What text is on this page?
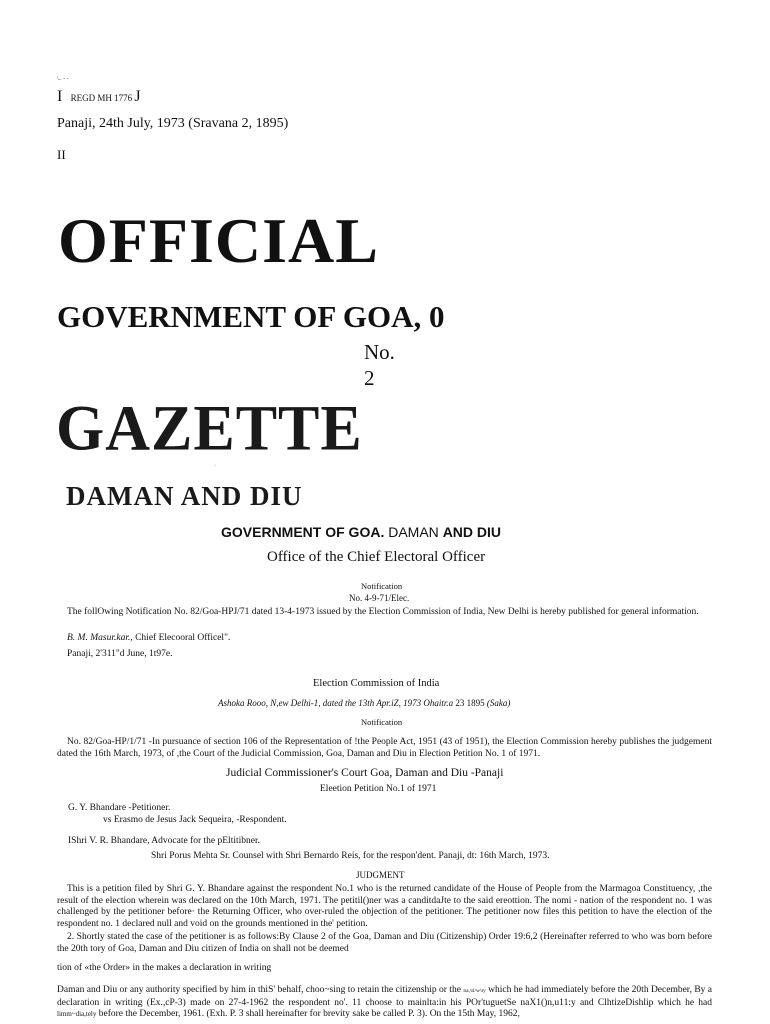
\.. - -
I REGD MH 1776 J
Panaji, 24th July, 1973 (Sravana 2, 1895)
II
OFFICIAL
GOVERNMENT OF GOA, 0
No.
2
GAZETTE
·
DAMAN AND DIU
GOVERNMENT OF GOA. DAMAN AND DIU
Office of the Chief Electoral Officer
Notification
No. 4-9-71/Elec.
The follOwing Notification No. 82/Goa-HPJ/71 dated 13-4-1973 issued by the Election Commission of India, New Delhi is hereby published for general information.
B. M. Masur.kar., Chief Elecooral Officel".
Panaji, 2'311"d June, 1t97e.
Election Commission of India
Ashoka Rooo, N,ew Delhi-1, dated the 13th Apr.iZ, 1973 Ohaitr.a 23 1895 (Saka)
Notification
No. 82/Goa-HP/1/71 -In pursuance of section 106 of the Representation of !the People Act, 1951 (43 of 1951), the Election Commission hereby publishes the judgement dated the 16th March, 1973, of ,the Court of the Judicial Commission, Goa, Daman and Diu in Election Petition No. 1 of 1971.
Judicial Commissioner's Court Goa, Daman and Diu -Panaji
Eleetion Petition No.1 of 1971
G. Y. Bhandare -Petitioner.
vs Erasmo de Jesus Jack Sequeira, -Respondent.
IShri V. R. Bhandare, Advocate for the pEltitibner.
Shri Porus Mehta Sr. Counsel with Shri Bernardo Reis, for the respon'dent. Panaji, dt: 16th March, 1973.
JUDGMENT
This is a petition filed by Shri G. Y. Bhandare against the respondent No.1 who is the returned candidate of the House of People from the Marmagoa Constituency, ,the result of the election wherein was declared on the 10th March, 1971. The petitil()ner was a canditdaJte to the said ereottion. The nomi - nation of the respondent no. 1 was challenged by the petitioner before· the Returning Officer, who over-ruled the objection of the petitioner. The petitioner now files this petition to have the election of the respondent no. 1 declared null and void on the grounds mentioned in the' petition.
2. Shortly stated the case of the petitioner is as follows:By Clause 2 of the Goa, Daman and Diu (Citizenship) Order 19:6,2 (Hereinafter referred to who was born before the 20th tory of Goa, Daman and Diu citizen of India on shall not be deemed
tion of «the Order» in the makes a declaration in writing
Daman and Diu or any authority specified by him in thiS' behalf, choo~sing to retain the citizenship or the na,\ti/w\ty which he had immediately before the 20th December, By a declaration in writing (Ex.,cP-3) made on 27-4-1962 the respondent no'. 11 choose to mainlta:in his POr'tuguetSe naX1()n,u11:y and ClhtizeDishlip which he had limm~dia,tely before the December, 1961. (Exh. P. 3 shall hereinafter for brevity sake be called P. 3). On the 15th May, 1962,
